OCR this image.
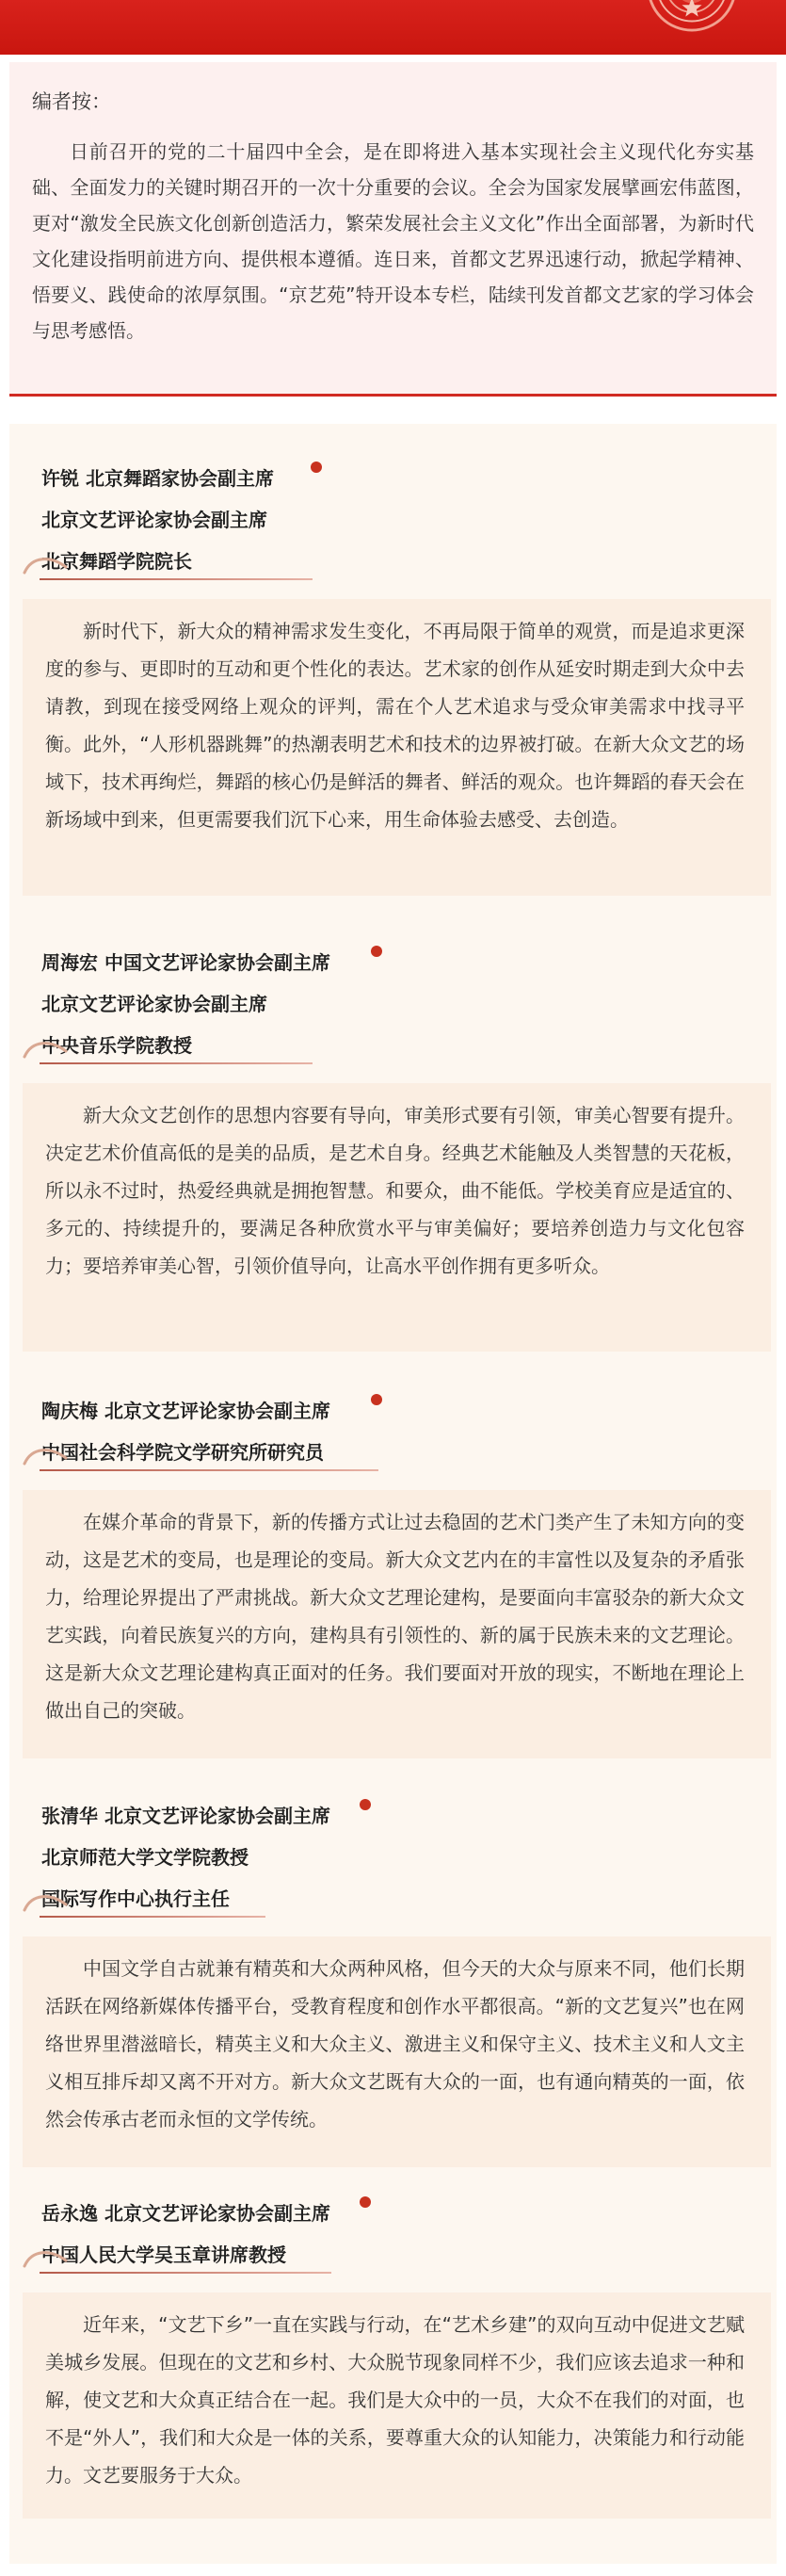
编者按：

日前召开的党的二十届四中全会，是在即将进入基本实现社会主义现代化夯实基础、全面发力的关键时期召开的一次十分重要的会议。全会为国家发展擘画宏伟蓝图，更对“激发全民族文化创新创造活力，繁荣发展社会主义文化”作出全面部署，为新时代文化建设指明前进方向、提供根本遵循。连日来，首都文艺界迅速行动，掀起学精神、悟要义、践使命的浓厚氛围。“京艺苑”特开设本专栏，陆续刊发首都文艺家的学习体会与思考感悟。

许锐 北京舞蹈家协会副主席
北京文艺评论家协会副主席
北京舞蹈学院院长

新时代下，新大众的精神需求发生变化，不再局限于简单的观赏，而是追求更深度的参与、更即时的互动和更个性化的表达。艺术家的创作从延安时期走到大众中去请教，到现在接受网络上观众的评判，需在个人艺术追求与受众审美需求中找寻平衡。此外，“人形机器跳舞”的热潮表明艺术和技术的边界被打破。在新大众文艺的场域下，技术再绚烂，舞蹈的核心仍是鲜活的舞者、鲜活的观众。也许舞蹈的春天会在新场域中到来，但更需要我们沉下心来，用生命体验去感受、去创造。

周海宏 中国文艺评论家协会副主席
北京文艺评论家协会副主席
中央音乐学院教授

新大众文艺创作的思想内容要有导向，审美形式要有引领，审美心智要有提升。决定艺术价值高低的是美的品质，是艺术自身。经典艺术能触及人类智慧的天花板，所以永不过时，热爱经典就是拥抱智慧。和要众，曲不能低。学校美育应是适宜的、多元的、持续提升的，要满足各种欣赏水平与审美偏好；要培养创造力与文化包容力；要培养审美心智，引领价值导向，让高水平创作拥有更多听众。

陶庆梅 北京文艺评论家协会副主席
中国社会科学院文学研究所研究员

在媒介革命的背景下，新的传播方式让过去稳固的艺术门类产生了未知方向的变动，这是艺术的变局，也是理论的变局。新大众文艺内在的丰富性以及复杂的矛盾张力，给理论界提出了严肃挑战。新大众文艺理论建构，是要面向丰富驳杂的新大众文艺实践，向着民族复兴的方向，建构具有引领性的、新的属于民族未来的文艺理论。这是新大众文艺理论建构真正面对的任务。我们要面对开放的现实，不断地在理论上做出自己的突破。

张清华 北京文艺评论家协会副主席
北京师范大学文学院教授
国际写作中心执行主任

中国文学自古就兼有精英和大众两种风格，但今天的大众与原来不同，他们长期活跃在网络新媒体传播平台，受教育程度和创作水平都很高。“新的文艺复兴”也在网络世界里潜滋暗长，精英主义和大众主义、激进主义和保守主义、技术主义和人文主义相互排斥却又离不开对方。新大众文艺既有大众的一面，也有通向精英的一面，依然会传承古老而永恒的文学传统。

岳永逸 北京文艺评论家协会副主席
中国人民大学吴玉章讲席教授

近年来，“文艺下乡”一直在实践与行动，在“艺术乡建”的双向互动中促进文艺赋美城乡发展。但现在的文艺和乡村、大众脱节现象同样不少，我们应该去追求一种和解，使文艺和大众真正结合在一起。我们是大众中的一员，大众不在我们的对面，也不是“外人”，我们和大众是一体的关系，要尊重大众的认知能力，决策能力和行动能力。文艺要服务于大众。
